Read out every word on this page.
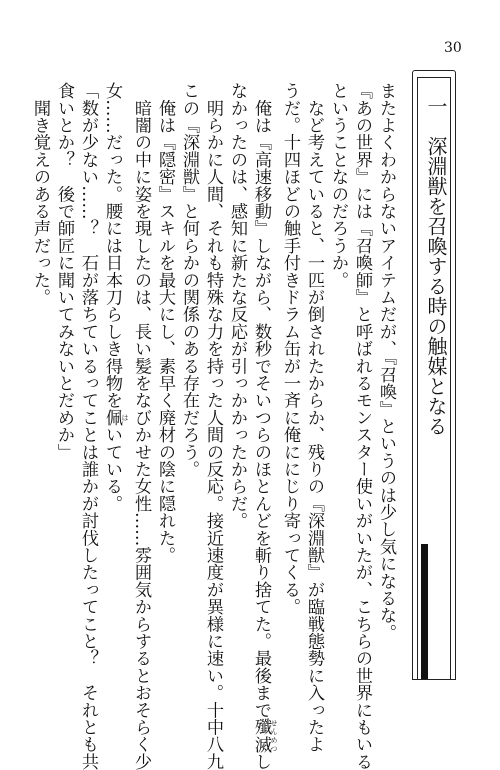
30
一　深淵獣を召喚する時の触媒となる

またよくわからないアイテムだが、『召喚』というのは少し気になるな。

『あの世界』には『召喚師』と呼ばれるモンスター使いがいたが、こちらの世界にもいる

ということなのだろうか。

　など考えていると、一匹が倒されたからか、残りの『深淵獣』が臨戦態勢に入ったよ

うだ。十四ほどの触手付きドラム缶が一斉に俺ににじり寄ってくる。

　俺は『高速移動』しながら、数秒でそいつらのほとんどを斬り捨てた。最後まで殲 せん滅 めつし

なかったのは、感知に新たな反応が引っかかったからだ。

　明らかに人間、それも特殊な力を持った人間の反応。接近速度が異様に速い。十中八九

この『深淵獣』と何らかの関係のある存在だろう。

　俺は『隠密』スキルを最大にし、素早く廃材の陰に隠れた。

　暗闇の中に姿を現したのは、長い髪をなびかせた女性……雰囲気からするとおそらく少

女……だった。腰には日本刀らしき得物を佩 はいている。

「数が少ない……？　石が落ちているってことは誰かが討伐したってこと？　それとも共

食いとか？　後で師匠に聞いてみないとだめか」

　聞き覚えのある声だった。
